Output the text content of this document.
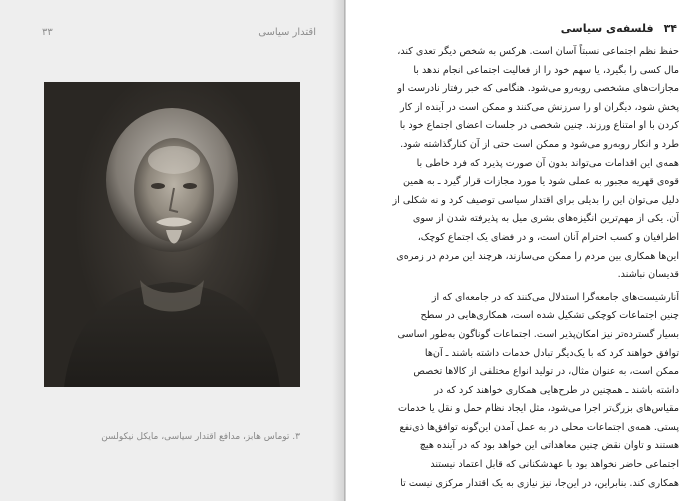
اقتدار سیاسی
۳۳
۳. توماس هابز، مدافع اقتدار سیاسی، مایکل نیکولسن
۳۴
فلسفه‌ی سیاسی
حفظ نظم اجتماعی نسبتاً آسان است. هرکس به شخص دیگر تعدی کند،
مال کسی را بگیرد، یا سهم خود را از فعالیت اجتماعی انجام ندهد با
مجازات‌های مشخصی روبه‌رو می‌شود. هنگامی که خبر رفتار نادرست او
پخش شود، دیگران او را سرزنش می‌کنند و ممکن است در آینده از کار
کردن با او امتناع ورزند. چنین شخصی در جلسات اعضای اجتماع خود با
طرد و انکار روبه‌رو می‌شود و ممکن است حتی از آن کنارگذاشته شود.
همه‌ی این اقدامات می‌تواند بدون آن صورت پذیرد که فرد خاطی با
قوه‌ی قهریه مجبور به عملی شود یا مورد مجازات قرار گیرد ـ به همین
دلیل می‌توان این را بدیلی برای اقتدار سیاسی توصیف کرد و نه شکلی از
آن. یکی از مهم‌ترین انگیزه‌های بشری میل به پذیرفته شدن از سوی
اطرافیان و کسب احترام آنان است، و در فضای یک اجتماع کوچک،
این‌ها همکاری بین مردم را ممکن می‌سازند، هرچند این مردم در زمره‌ی
قدیسان نباشند.
آنارشیست‌های جامعه‌گرا استدلال می‌کنند که در جامعه‌ای که از
چنین اجتماعات کوچکی تشکیل شده است، همکاری‌هایی در سطح
بسیار گسترده‌تر نیز امکان‌پذیر است. اجتماعات گوناگون به‌طور اساسی
توافق خواهند کرد که با یک‌دیگر تبادل خدمات داشته باشند ـ آن‌ها
ممکن است، به عنوان مثال، در تولید انواع مختلفی از کالاها تخصص
داشته باشند ـ همچنین در طرح‌هایی همکاری خواهند کرد که در
مقیاس‌های بزرگ‌تر اجرا می‌شود، مثل ایجاد نظام حمل و نقل یا خدمات
پستی. همه‌ی اجتماعات محلی در به عمل آمدن این‌گونه توافق‌ها ذی‌نفع
هستند و تاوان نقض چنین معاهداتی این خواهد بود که در آینده هیچ
اجتماعی حاضر نخواهد بود با عهدشکنانی که قابل اعتماد نیستند
همکاری کند. بنابراین، در این‌جا، نیز نیازی به یک اقتدار مرکزی نیست تا
